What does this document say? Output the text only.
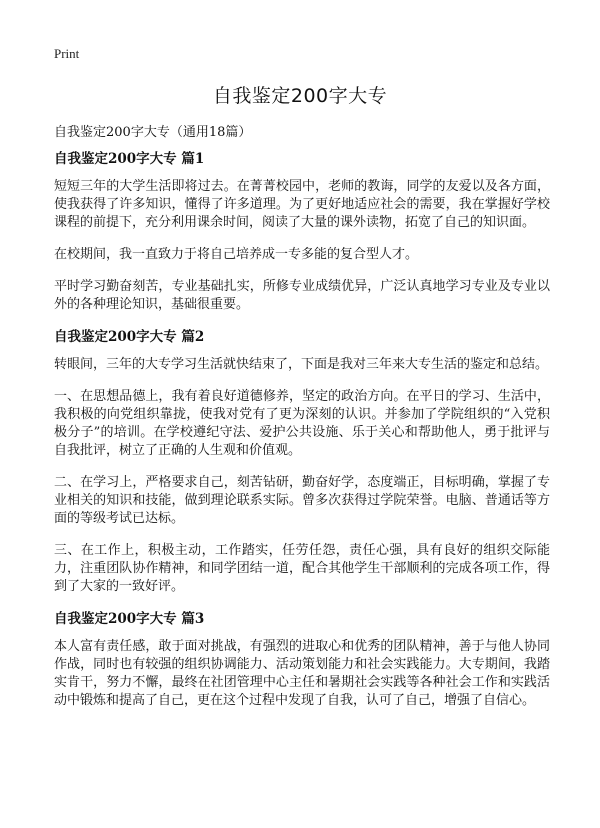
Print
自我鉴定200字大专
自我鉴定200字大专（通用18篇）
自我鉴定200字大专 篇1

短短三年的大学生活即将过去。在菁菁校园中，老师的教诲，同学的友爱以及各方面，使我获得了许多知识，懂得了许多道理。为了更好地适应社会的需要，我在掌握好学校课程的前提下，充分利用课余时间，阅读了大量的课外读物，拓宽了自己的知识面。

在校期间，我一直致力于将自己培养成一专多能的复合型人才。

平时学习勤奋刻苦，专业基础扎实，所修专业成绩优异，广泛认真地学习专业及专业以外的各种理论知识，基础很重要。

自我鉴定200字大专 篇2

转眼间，三年的大专学习生活就快结束了，下面是我对三年来大专生活的鉴定和总结。

一、在思想品德上，我有着良好道德修养，坚定的政治方向。在平日的学习、生活中，我积极的向党组织靠拢，使我对党有了更为深刻的认识。并参加了学院组织的“入党积极分子”的培训。在学校遵纪守法、爱护公共设施、乐于关心和帮助他人，勇于批评与自我批评，树立了正确的人生观和价值观。

二、在学习上，严格要求自己，刻苦钻研，勤奋好学，态度端正，目标明确，掌握了专业相关的知识和技能，做到理论联系实际。曾多次获得过学院荣誉。电脑、普通话等方面的等级考试已达标。

三、在工作上，积极主动，工作踏实，任劳任怨，责任心强，具有良好的组织交际能力，注重团队协作精神，和同学团结一道，配合其他学生干部顺利的完成各项工作，得到了大家的一致好评。

自我鉴定200字大专 篇3

本人富有责任感，敢于面对挑战，有强烈的进取心和优秀的团队精神，善于与他人协同作战，同时也有较强的组织协调能力、活动策划能力和社会实践能力。大专期间，我踏实肯干，努力不懈，最终在社团管理中心主任和暑期社会实践等各种社会工作和实践活动中锻炼和提高了自己，更在这个过程中发现了自我，认可了自己，增强了自信心。
